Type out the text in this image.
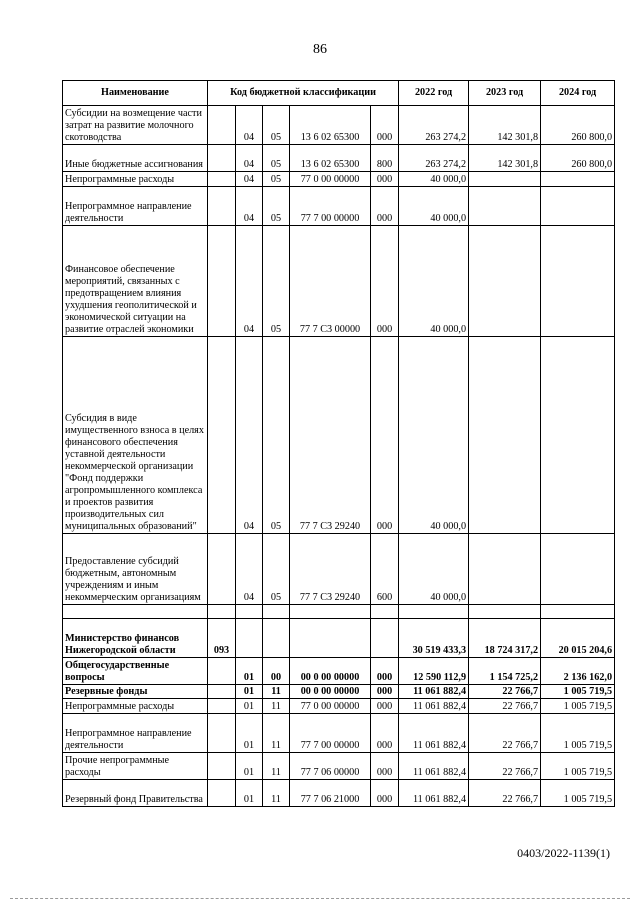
86
Наименование	Код бюджетной классификации					2022 год	2023 год	2024 год
Субсидии на возмещение части затрат на развитие молочного скотоводства		04	05	13 6 02 65300	000	263 274,2	142 301,8	260 800,0
Иные бюджетные ассигнования		04	05	13 6 02 65300	800	263 274,2	142 301,8	260 800,0
Непрограммные расходы		04	05	77 0 00 00000	000	40 000,0		
Непрограммное направление деятельности		04	05	77 7 00 00000	000	40 000,0		
Финансовое обеспечение мероприятий, связанных с предотвращением влияния ухудшения геополитической и экономической ситуации на развитие отраслей экономики		04	05	77 7 С3 00000	000	40 000,0		
Субсидия в виде имущественного взноса в целях финансового обеспечения уставной деятельности некоммерческой организации "Фонд поддержки агропромышленного комплекса и проектов развития производительных сил муниципальных образований"		04	05	77 7 С3 29240	000	40 000,0		
Предоставление субсидий бюджетным, автономным учреждениям и иным некоммерческим организациям		04	05	77 7 С3 29240	600	40 000,0		

Министерство финансов Нижегородской области	093					30 519 433,3	18 724 317,2	20 015 204,6
Общегосударственные вопросы		01	00	00 0 00 00000	000	12 590 112,9	1 154 725,2	2 136 162,0
Резервные фонды		01	11	00 0 00 00000	000	11 061 882,4	22 766,7	1 005 719,5
Непрограммные расходы		01	11	77 0 00 00000	000	11 061 882,4	22 766,7	1 005 719,5
Непрограммное направление деятельности		01	11	77 7 00 00000	000	11 061 882,4	22 766,7	1 005 719,5
Прочие непрограммные расходы		01	11	77 7 06 00000	000	11 061 882,4	22 766,7	1 005 719,5
Резервный фонд Правительства		01	11	77 7 06 21000	000	11 061 882,4	22 766,7	1 005 719,5
0403/2022-1139(1)
